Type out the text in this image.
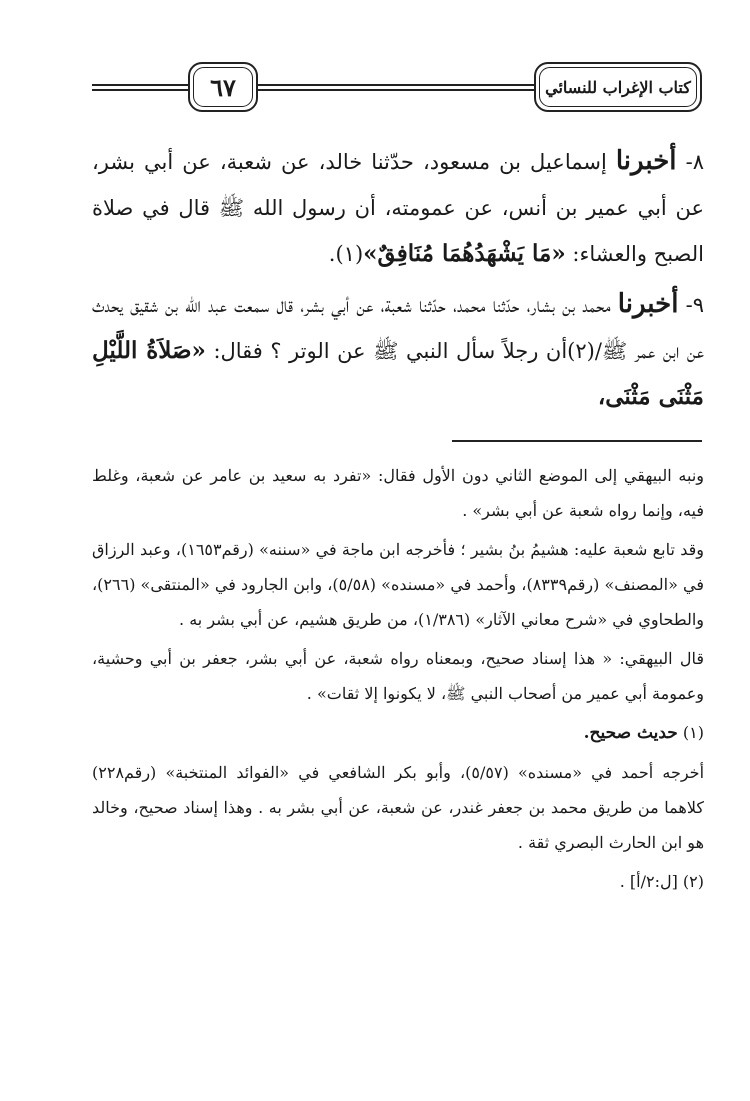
٦٧	كتاب الإغراب للنسائي

٨- أخبرنا إسماعيل بن مسعود، حدّثنا خالد، عن شعبة، عن أبي بشر، عن أبي عمير بن أنس، عن عمومته، أن رسول الله ﷺ قال في صلاة الصبح والعشاء: «مَا يَشْهَدُهُمَا مُنَافِقٌ»(١).

٩- أخبرنا محمد بن بشار، حدّثنا محمد، حدّثنا شعبة، عن أبي بشر، قال سمعت عبد الله بن شقيق يحدث عن ابن عمر ﷺ/(٢)أن رجلاً سأل النبي ﷺ عن الوتر ؟ فقال: «صَلاَةُ اللَّيْلِ مَثْنَى مَثْنَى،

ونبه البيهقي إلى الموضع الثاني دون الأول فقال: «تفرد به سعيد بن عامر عن شعبة، وغلط فيه، وإنما رواه شعبة عن أبي بشر» .

وقد تابع شعبة عليه: هشيمُ بنُ بشير ؛ فأخرجه ابن ماجة في «سننه» (رقم١٦٥٣)، وعبد الرزاق في «المصنف» (رقم٨٣٣٩)، وأحمد في «مسنده» (٥/٥٨)، وابن الجارود في «المنتقى» (٢٦٦)، والطحاوي في «شرح معاني الآثار» (١/٣٨٦)، من طريق هشيم، عن أبي بشر به .

قال البيهقي: « هذا إسناد صحيح، وبمعناه رواه شعبة، عن أبي بشر، جعفر بن أبي وحشية، وعمومة أبي عمير من أصحاب النبي ﷺ، لا يكونوا إلا ثقات» .

(١) حديث صحيح.

أخرجه أحمد في «مسنده» (٥/٥٧)، وأبو بكر الشافعي في «الفوائد المنتخبة» (رقم٢٢٨) كلاهما من طريق محمد بن جعفر غندر، عن شعبة، عن أبي بشر به . وهذا إسناد صحيح، وخالد هو ابن الحارث البصري ثقة .

(٢) [ل:٢/أ] .
